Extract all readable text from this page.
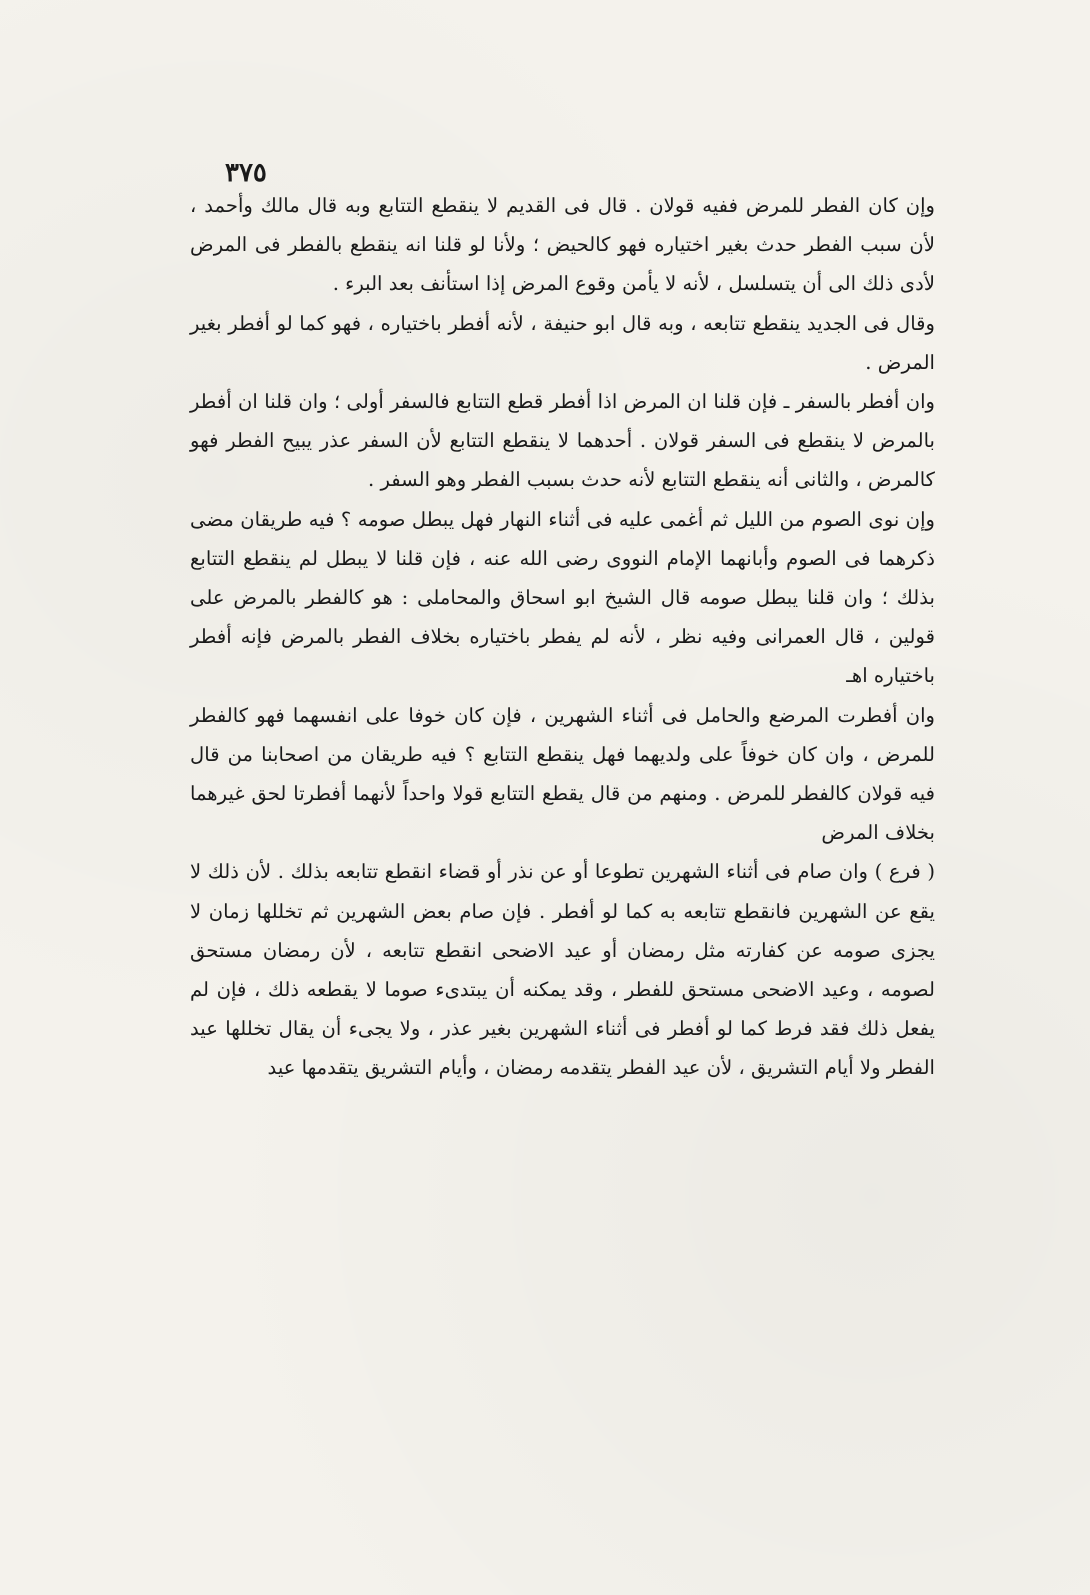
٣٧٥

وإن كان الفطر للمرض ففيه قولان . قال فى القديم لا ينقطع التتابع وبه قال مالك وأحمد ، لأن سبب الفطر حدث بغير اختياره فهو كالحيض ؛ ولأنا لو قلنا انه ينقطع بالفطر فى المرض لأدى ذلك الى أن يتسلسل ، لأنه لا يأمن وقوع المرض إذا استأنف بعد البرء .

وقال فى الجديد ينقطع تتابعه ، وبه قال ابو حنيفة ، لأنه أفطر باختياره ، فهو كما لو أفطر بغير المرض .

وان أفطر بالسفر ـ فإن قلنا ان المرض اذا أفطر قطع التتابع فالسفر أولى ؛ وان قلنا ان أفطر بالمرض لا ينقطع فى السفر قولان . أحدهما لا ينقطع التتابع لأن السفر عذر يبيح الفطر فهو كالمرض ، والثانى أنه ينقطع التتابع لأنه حدث بسبب الفطر وهو السفر .

وإن نوى الصوم من الليل ثم أغمى عليه فى أثناء النهار فهل يبطل صومه ؟ فيه طريقان مضى ذكرهما فى الصوم وأبانهما الإمام النووى رضى الله عنه ، فإن قلنا لا يبطل لم ينقطع التتابع بذلك ؛ وان قلنا يبطل صومه قال الشيخ ابو اسحاق والمحاملى : هو كالفطر بالمرض على قولين ، قال العمرانى وفيه نظر ، لأنه لم يفطر باختياره بخلاف الفطر بالمرض فإنه أفطر باختياره اهـ

وان أفطرت المرضع والحامل فى أثناء الشهرين ، فإن كان خوفا على انفسهما فهو كالفطر للمرض ، وان كان خوفاً على ولديهما فهل ينقطع التتابع ؟ فيه طريقان من اصحابنا من قال فيه قولان كالفطر للمرض . ومنهم من قال يقطع التتابع قولا واحداً لأنهما أفطرتا لحق غيرهما بخلاف المرض

( فرع ) وان صام فى أثناء الشهرين تطوعا أو عن نذر أو قضاء انقطع تتابعه بذلك . لأن ذلك لا يقع عن الشهرين فانقطع تتابعه به كما لو أفطر . فإن صام بعض الشهرين ثم تخللها زمان لا يجزى صومه عن كفارته مثل رمضان أو عيد الاضحى انقطع تتابعه ، لأن رمضان مستحق لصومه ، وعيد الاضحى مستحق للفطر ، وقد يمكنه أن يبتدىء صوما لا يقطعه ذلك ، فإن لم يفعل ذلك فقد فرط كما لو أفطر فى أثناء الشهرين بغير عذر ، ولا يجىء أن يقال تخللها عيد الفطر ولا أيام التشريق ، لأن عيد الفطر يتقدمه رمضان ، وأيام التشريق يتقدمها عيد
